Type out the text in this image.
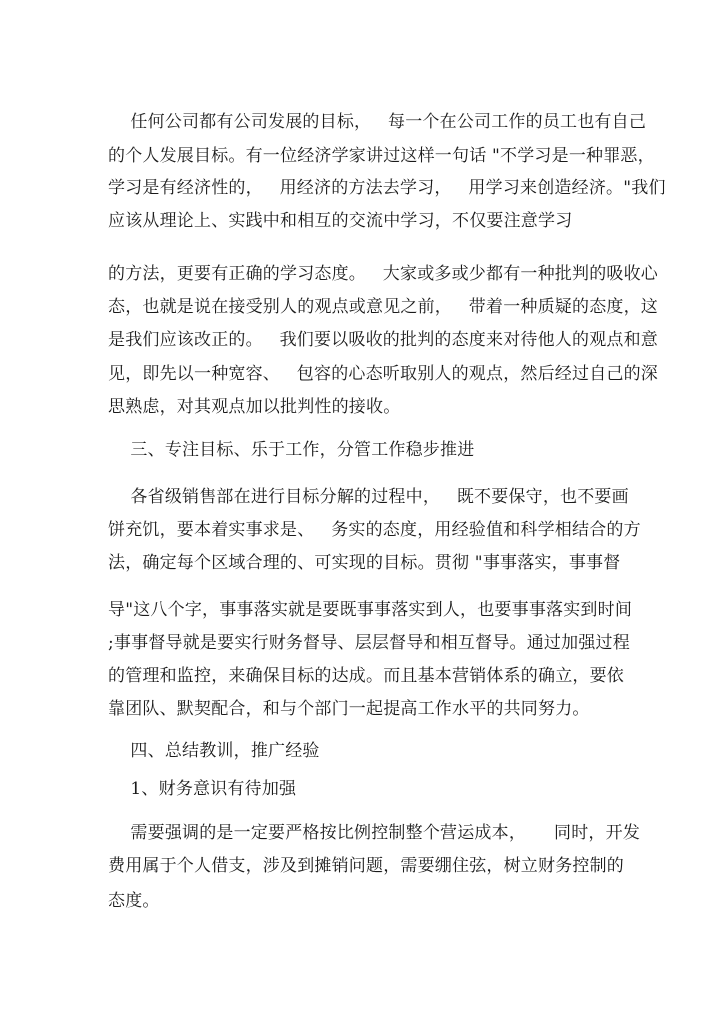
任何公司都有公司发展的目标，   每一个在公司工作的员工也有自己
的个人发展目标。有一位经济学家讲过这样一句话 "不学习是一种罪恶，
学习是有经济性的，   用经济的方法去学习，   用学习来创造经济。"我们
应该从理论上、实践中和相互的交流中学习，不仅要注意学习
的方法，更要有正确的学习态度。   大家或多或少都有一种批判的吸收心
态，也就是说在接受别人的观点或意见之前，   带着一种质疑的态度，这
是我们应该改正的。   我们要以吸收的批判的态度来对待他人的观点和意
见，即先以一种宽容、   包容的心态听取别人的观点，然后经过自己的深
思熟虑，对其观点加以批判性的接收。
三、专注目标、乐于工作，分管工作稳步推进
各省级销售部在进行目标分解的过程中，   既不要保守，也不要画
饼充饥，要本着实事求是、   务实的态度，用经验值和科学相结合的方
法，确定每个区域合理的、可实现的目标。贯彻 "事事落实，事事督
导"这八个字，事事落实就是要既事事落实到人，也要事事落实到时间
;事事督导就是要实行财务督导、层层督导和相互督导。通过加强过程
的管理和监控，来确保目标的达成。而且基本营销体系的确立，要依
靠团队、默契配合，和与个部门一起提高工作水平的共同努力。
四、总结教训，推广经验
1、财务意识有待加强
需要强调的是一定要严格按比例控制整个营运成本，     同时，开发
费用属于个人借支，涉及到摊销问题，需要绷住弦，树立财务控制的
态度。
